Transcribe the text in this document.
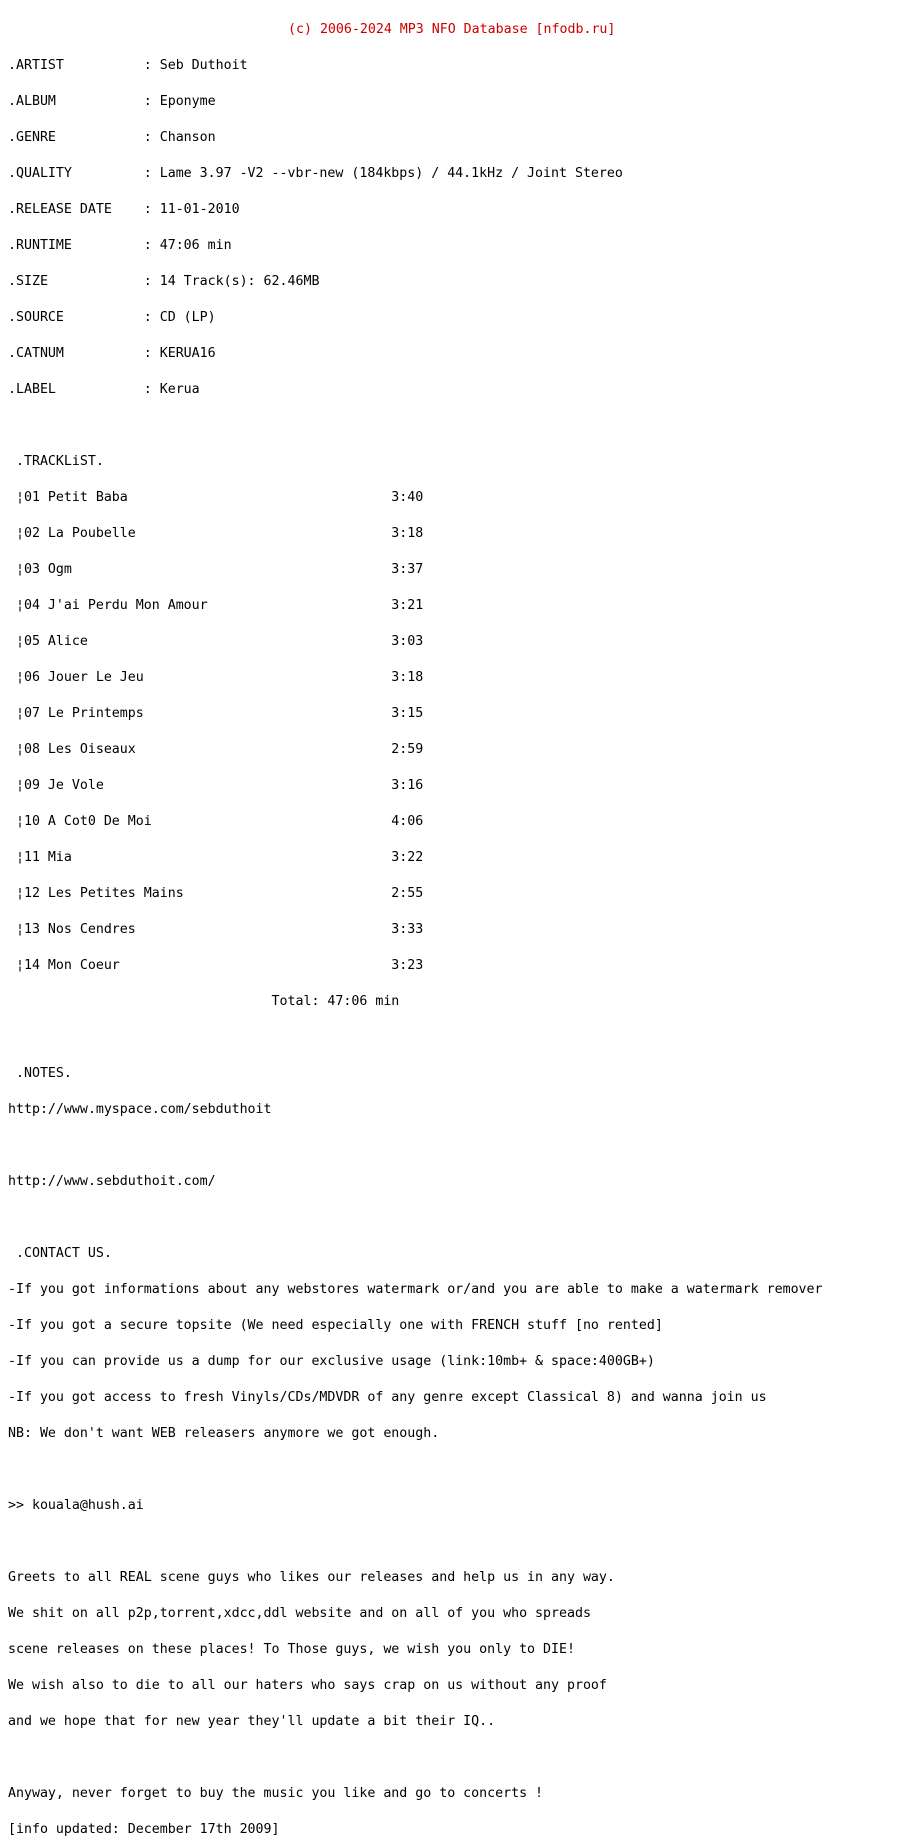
(c) 2006-2024 MP3 NFO Database [nfodb.ru]

.ARTIST          : Seb Duthoit

.ALBUM           : Eponyme

.GENRE           : Chanson

.QUALITY         : Lame 3.97 -V2 --vbr-new (184kbps) / 44.1kHz / Joint Stereo

.RELEASE DATE    : 11-01-2010

.RUNTIME         : 47:06 min

.SIZE            : 14 Track(s): 62.46MB

.SOURCE          : CD (LP)

.CATNUM          : KERUA16

.LABEL           : Kerua

.TRACKLiST.

¦01 Petit Baba                                 3:40

¦02 La Poubelle                                3:18

¦03 Ogm                                        3:37

¦04 J'ai Perdu Mon Amour                       3:21

¦05 Alice                                      3:03

¦06 Jouer Le Jeu                               3:18

¦07 Le Printemps                               3:15

¦08 Les Oiseaux                                2:59

¦09 Je Vole                                    3:16

¦10 A Cot0 De Moi                              4:06

¦11 Mia                                        3:22

¦12 Les Petites Mains                          2:55

¦13 Nos Cendres                                3:33

¦14 Mon Coeur                                  3:23

Total: 47:06 min

.NOTES.

http://www.myspace.com/sebduthoit

http://www.sebduthoit.com/

.CONTACT US.

-If you got informations about any webstores watermark or/and you are able to make a watermark remover

-If you got a secure topsite (We need especially one with FRENCH stuff [no rented]

-If you can provide us a dump for our exclusive usage (link:10mb+ & space:400GB+)

-If you got access to fresh Vinyls/CDs/MDVDR of any genre except Classical 8) and wanna join us

NB: We don't want WEB releasers anymore we got enough.

>> kouala@hush.ai

Greets to all REAL scene guys who likes our releases and help us in any way.

We shit on all p2p,torrent,xdcc,ddl website and on all of you who spreads

scene releases on these places! To Those guys, we wish you only to DIE!

We wish also to die to all our haters who says crap on us without any proof

and we hope that for new year they'll update a bit their IQ..

Anyway, never forget to buy the music you like and go to concerts !

[info updated: December 17th 2009]
